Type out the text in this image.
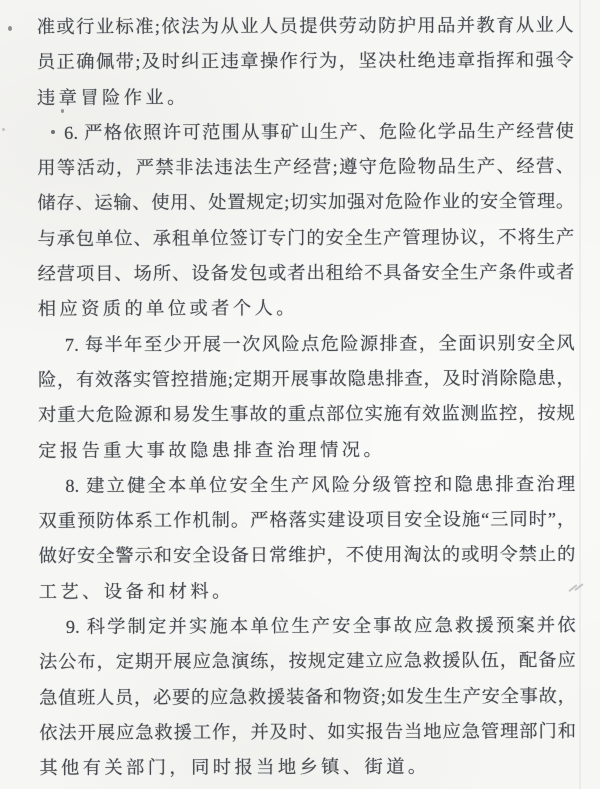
准或行业标准;依法为从业人员提供劳动防护用品并教育从业人
员正确佩带;及时纠正违章操作行为，坚决杜绝违章指挥和强令
违章冒险作业。
6. 严格依照许可范围从事矿山生产、危险化学品生产经营使
用等活动，严禁非法违法生产经营;遵守危险物品生产、经营、
储存、运输、使用、处置规定;切实加强对危险作业的安全管理。
与承包单位、承租单位签订专门的安全生产管理协议，不将生产
经营项目、场所、设备发包或者出租给不具备安全生产条件或者
相应资质的单位或者个人。
7. 每半年至少开展一次风险点危险源排查，全面识别安全风
险，有效落实管控措施;定期开展事故隐患排查，及时消除隐患，
对重大危险源和易发生事故的重点部位实施有效监测监控，按规
定报告重大事故隐患排查治理情况。
8. 建立健全本单位安全生产风险分级管控和隐患排查治理
双重预防体系工作机制。严格落实建设项目安全设施“三同时”，
做好安全警示和安全设备日常维护，不使用淘汰的或明令禁止的
工艺、设备和材料。
9. 科学制定并实施本单位生产安全事故应急救援预案并依
法公布，定期开展应急演练，按规定建立应急救援队伍，配备应
急值班人员，必要的应急救援装备和物资;如发生生产安全事故，
依法开展应急救援工作，并及时、如实报告当地应急管理部门和
其他有关部门，同时报当地乡镇、街道。
